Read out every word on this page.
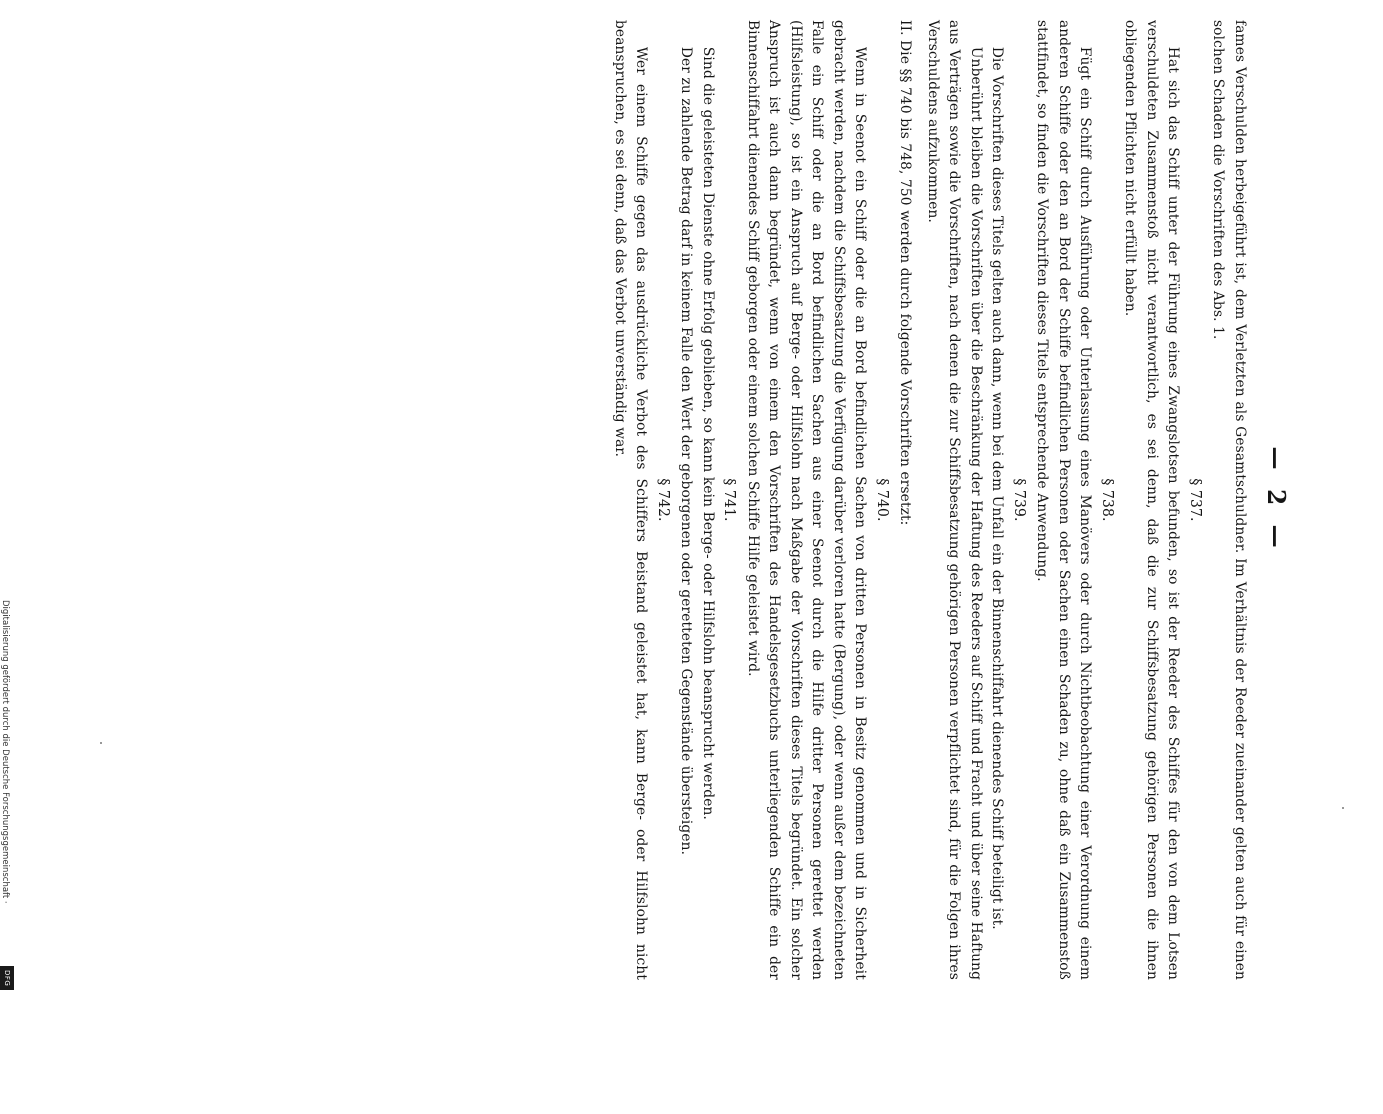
— 2 —

fames Verschulden herbeigeführt ist, dem Verletzten als Gesamtschuldner. Im Verhältnis der Reeder zueinander gelten auch für einen solchen Schaden die Vorschriften des Abs. 1.

§ 737.

Hat sich das Schiff unter der Führung eines Zwangslotsen befunden, so ist der Reeder des Schiffes für den von dem Lotsen verschuldeten Zusammenstoß nicht verantwortlich, es sei denn, daß die zur Schiffsbesatzung gehörigen Personen die ihnen obliegenden Pflichten nicht erfüllt haben.

§ 738.

Fügt ein Schiff durch Ausführung oder Unterlassung eines Manövers oder durch Nichtbeobachtung einer Verordnung einem anderen Schiffe oder den an Bord der Schiffe befindlichen Personen oder Sachen einen Schaden zu, ohne daß ein Zusammenstoß stattfindet, so finden die Vorschriften dieses Titels entsprechende Anwendung.

§ 739.

Die Vorschriften dieses Titels gelten auch dann, wenn bei dem Unfall ein der Binnenschiffahrt dienendes Schiff beteiligt ist.

Unberührt bleiben die Vorschriften über die Beschränkung der Haftung des Reeders auf Schiff und Fracht und über seine Haftung aus Verträgen sowie die Vorschriften, nach denen die zur Schiffsbesatzung gehörigen Personen verpflichtet sind, für die Folgen ihres Verschuldens aufzukommen.

II. Die §§ 740 bis 748, 750 werden durch folgende Vorschriften ersetzt:

§ 740.

Wenn in Seenot ein Schiff oder die an Bord befindlichen Sachen von dritten Personen in Besitz genommen und in Sicherheit gebracht werden, nachdem die Schiffsbesatzung die Verfügung darüber verloren hatte (Bergung), oder wenn außer dem bezeichneten Falle ein Schiff oder die an Bord befindlichen Sachen aus einer Seenot durch die Hilfe dritter Personen gerettet werden (Hilfsleistung), so ist ein Anspruch auf Berge- oder Hilfslohn nach Maßgabe der Vorschriften dieses Titels begründet. Ein solcher Anspruch ist auch dann begründet, wenn von einem den Vorschriften des Handelsgesetzbuchs unterliegenden Schiffe ein der Binnenschiffahrt dienendes Schiff geborgen oder einem solchen Schiffe Hilfe geleistet wird.

§ 741.

Sind die geleisteten Dienste ohne Erfolg geblieben, so kann kein Berge- oder Hilfslohn beansprucht werden.

Der zu zahlende Betrag darf in keinem Falle den Wert der geborgenen oder geretteten Gegenstände übersteigen.

§ 742.

Wer einem Schiffe gegen das ausdrückliche Verbot des Schiffers Beistand geleistet hat, kann Berge- oder Hilfslohn nicht beanspruchen, es sei denn, daß das Verbot unverständig war.

Digitalisierung gefördert durch die Deutsche Forschungsgemeinschaft ·
DFG
